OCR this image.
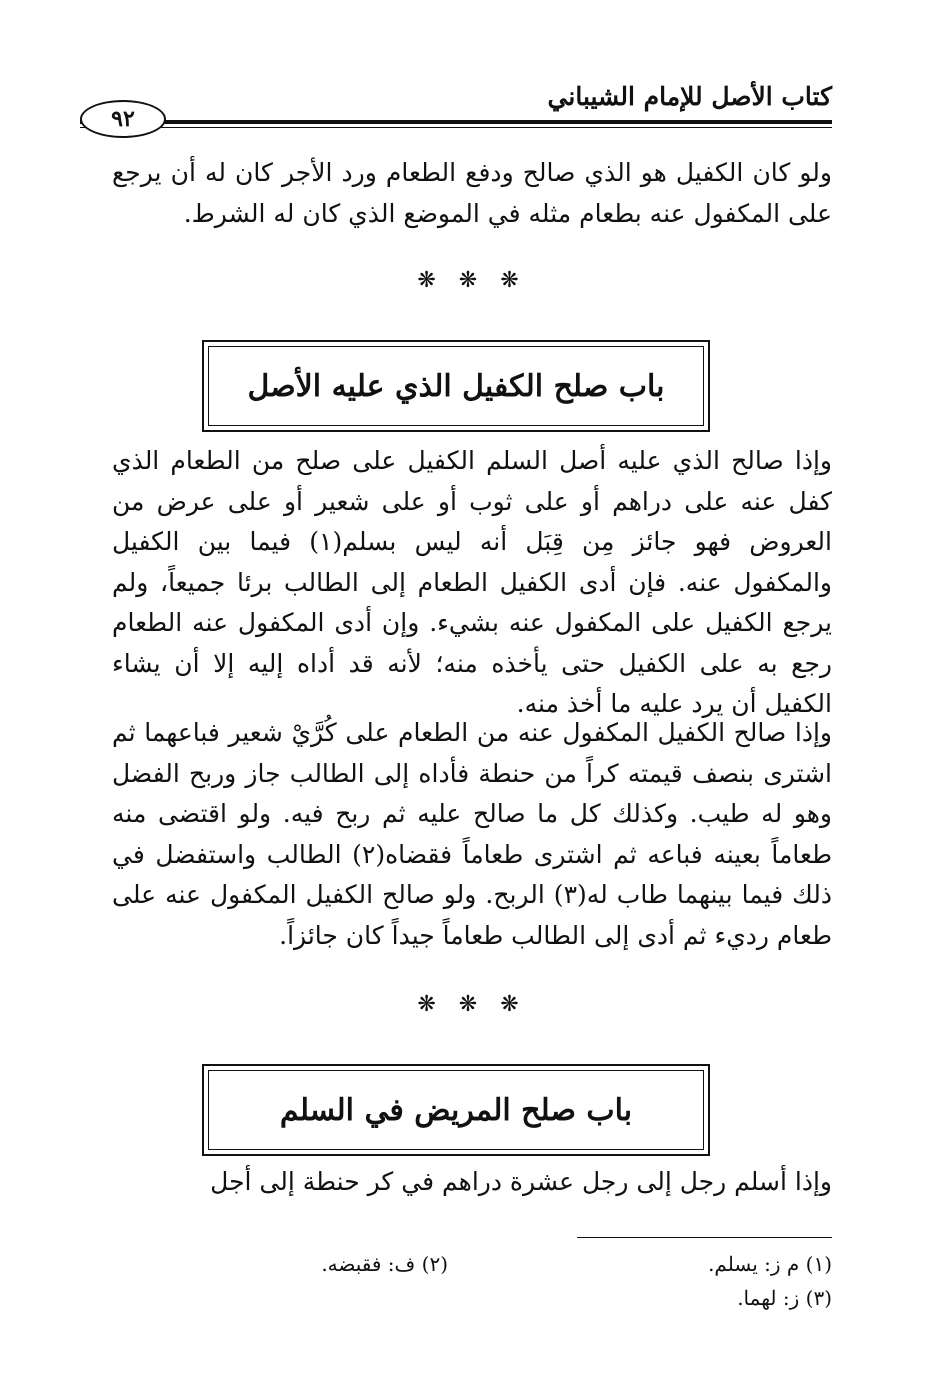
كتاب الأصل للإمام الشيباني
٩٢

ولو كان الكفيل هو الذي صالح ودفع الطعام ورد الأجر كان له أن يرجع على المكفول عنه بطعام مثله في الموضع الذي كان له الشرط.

❋ ❋ ❋
باب صلح الكفيل الذي عليه الأصل

وإذا صالح الذي عليه أصل السلم الكفيل على صلح من الطعام الذي كفل عنه على دراهم أو على ثوب أو على شعير أو على عرض من العروض فهو جائز مِن قِبَل أنه ليس بسلم(١) فيما بين الكفيل والمكفول عنه. فإن أدى الكفيل الطعام إلى الطالب برئا جميعاً، ولم يرجع الكفيل على المكفول عنه بشيء. وإن أدى المكفول عنه الطعام رجع به على الكفيل حتى يأخذه منه؛ لأنه قد أداه إليه إلا أن يشاء الكفيل أن يرد عليه ما أخذ منه.

وإذا صالح الكفيل المكفول عنه من الطعام على كُرَّيْ شعير فباعهما ثم اشترى بنصف قيمته كراً من حنطة فأداه إلى الطالب جاز وربح الفضل وهو له طيب. وكذلك كل ما صالح عليه ثم ربح فيه. ولو اقتضى منه طعاماً بعينه فباعه ثم اشترى طعاماً فقضاه(٢) الطالب واستفضل في ذلك فيما بينهما طاب له(٣) الربح. ولو صالح الكفيل المكفول عنه على طعام رديء ثم أدى إلى الطالب طعاماً جيداً كان جائزاً.

❋ ❋ ❋
باب صلح المريض في السلم

وإذا أسلم رجل إلى رجل عشرة دراهم في كر حنطة إلى أجل

(١) م ز: يسلم.
(٢) ف: فقبضه.
(٣) ز: لهما.
